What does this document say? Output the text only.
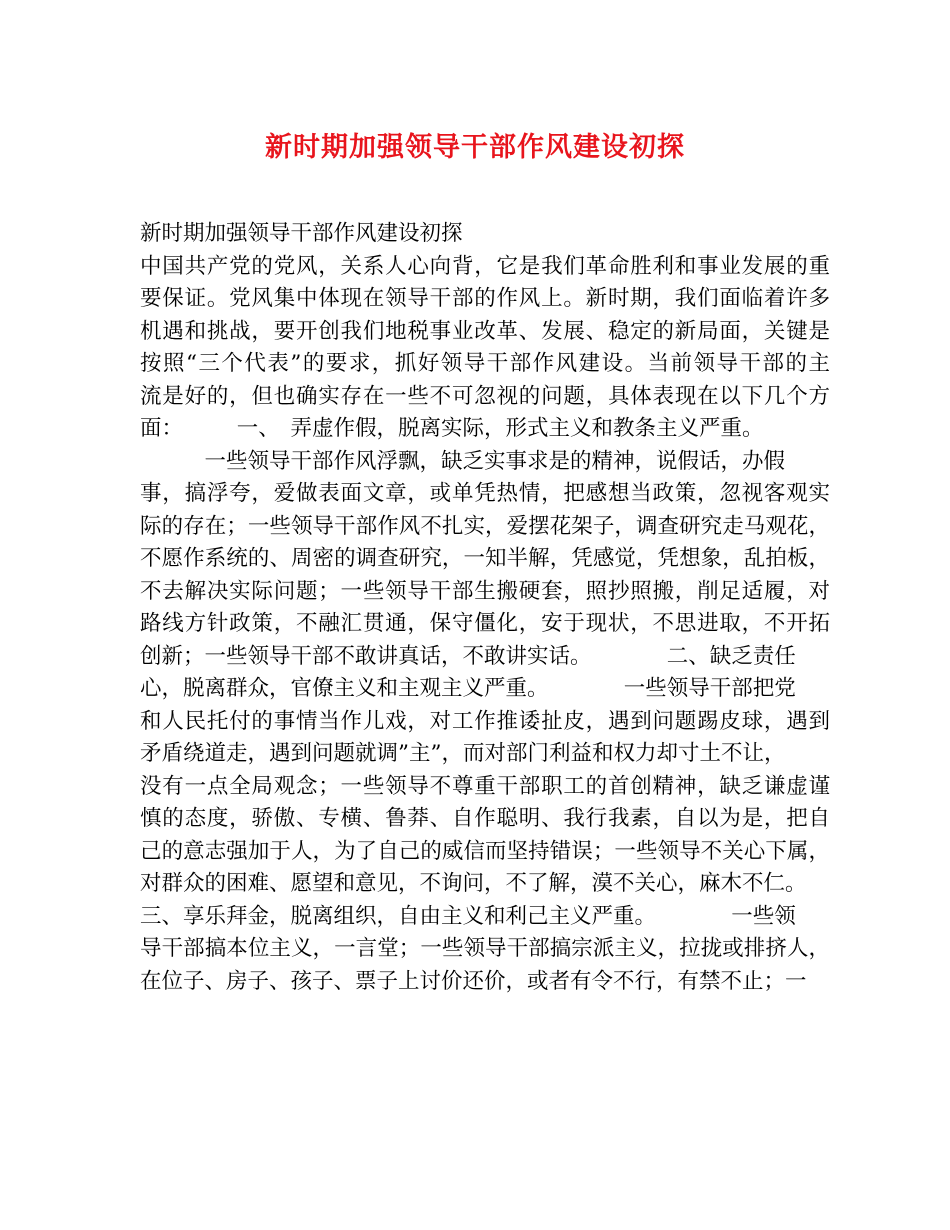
新时期加强领导干部作风建设初探
新时期加强领导干部作风建设初探
中国共产党的党风，关系人心向背，它是我们革命胜利和事业发展的重
要保证。党风集中体现在领导干部的作风上。新时期，我们面临着许多
机遇和挑战，要开创我们地税事业改革、发展、稳定的新局面，关键是
按照“三个代表”的要求，抓好领导干部作风建设。当前领导干部的主
流是好的，但也确实存在一些不可忽视的问题，具体表现在以下几个方
面：　　　一、　弄虚作假，脱离实际，形式主义和教条主义严重。
　　　一些领导干部作风浮飘，缺乏实事求是的精神，说假话，办假
事，搞浮夸，爱做表面文章，或单凭热情，把感想当政策，忽视客观实
际的存在；一些领导干部作风不扎实，爱摆花架子，调查研究走马观花，
不愿作系统的、周密的调查研究，一知半解，凭感觉，凭想象，乱拍板，
不去解决实际问题；一些领导干部生搬硬套，照抄照搬，削足适履，对
路线方针政策，不融汇贯通，保守僵化，安于现状，不思进取，不开拓
创新；一些领导干部不敢讲真话，不敢讲实话。　　　　二、缺乏责任
心，脱离群众，官僚主义和主观主义严重。　　　　一些领导干部把党
和人民托付的事情当作儿戏，对工作推诿扯皮，遇到问题踢皮球，遇到
矛盾绕道走，遇到问题就调”主”，而对部门利益和权力却寸土不让，
没有一点全局观念；一些领导不尊重干部职工的首创精神，缺乏谦虚谨
慎的态度，骄傲、专横、鲁莽、自作聪明、我行我素，自以为是，把自
己的意志强加于人，为了自己的威信而坚持错误；一些领导不关心下属，
对群众的困难、愿望和意见，不询问，不了解，漠不关心，麻木不仁。
三、享乐拜金，脱离组织，自由主义和利己主义严重。　　　　一些领
导干部搞本位主义，一言堂；一些领导干部搞宗派主义，拉拢或排挤人，
在位子、房子、孩子、票子上讨价还价，或者有令不行，有禁不止；一
